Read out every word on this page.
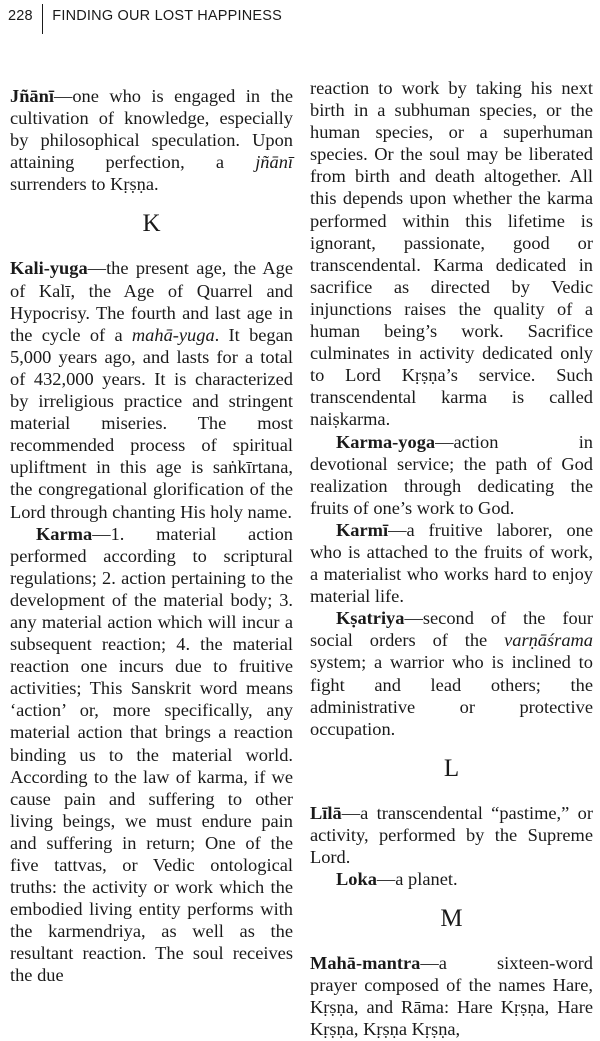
228	FINDING OUR LOST HAPPINESS

Jñānī—one who is engaged in the cultivation of knowledge, especially by philosophical speculation. Upon attaining perfection, a jñānī surrenders to Kṛṣṇa.

K

Kali-yuga—the present age, the Age of Kalī, the Age of Quarrel and Hypocrisy. The fourth and last age in the cycle of a mahā-yuga. It began 5,000 years ago, and lasts for a total of 432,000 years. It is characterized by irreligious practice and stringent material miseries. The most recommended process of spiritual upliftment in this age is saṅkīrtana, the congregational glorification of the Lord through chanting His holy name.

Karma—1. material action performed according to scriptural regulations; 2. action pertaining to the development of the material body; 3. any material action which will incur a subsequent reaction; 4. the material reaction one incurs due to fruitive activities; This Sanskrit word means ‘action’ or, more specifically, any material action that brings a reaction binding us to the material world. According to the law of karma, if we cause pain and suffering to other living beings, we must endure pain and suffering in return; One of the five tattvas, or Vedic ontological truths: the activity or work which the embodied living entity performs with the karmendriya, as well as the resultant reaction. The soul receives the due

reaction to work by taking his next birth in a subhuman species, or the human species, or a superhuman species. Or the soul may be liberated from birth and death altogether. All this depends upon whether the karma performed within this lifetime is ignorant, passionate, good or transcendental. Karma dedicated in sacrifice as directed by Vedic injunctions raises the quality of a human being’s work. Sacrifice culminates in activity dedicated only to Lord Kṛṣṇa’s service. Such transcendental karma is called naiṣkarma.

Karma-yoga—action in devotional service; the path of God realization through dedicating the fruits of one’s work to God.

Karmī—a fruitive laborer, one who is attached to the fruits of work, a materialist who works hard to enjoy material life.

Kṣatriya—second of the four social orders of the varṇāśrama system; a warrior who is inclined to fight and lead others; the administrative or protective occupation.

L

Līlā—a transcendental “pastime,” or activity, performed by the Supreme Lord.

Loka—a planet.

M

Mahā-mantra—a sixteen-word prayer composed of the names Hare, Kṛṣṇa, and Rāma: Hare Kṛṣṇa, Hare Kṛṣṇa, Kṛṣṇa Kṛṣṇa,
